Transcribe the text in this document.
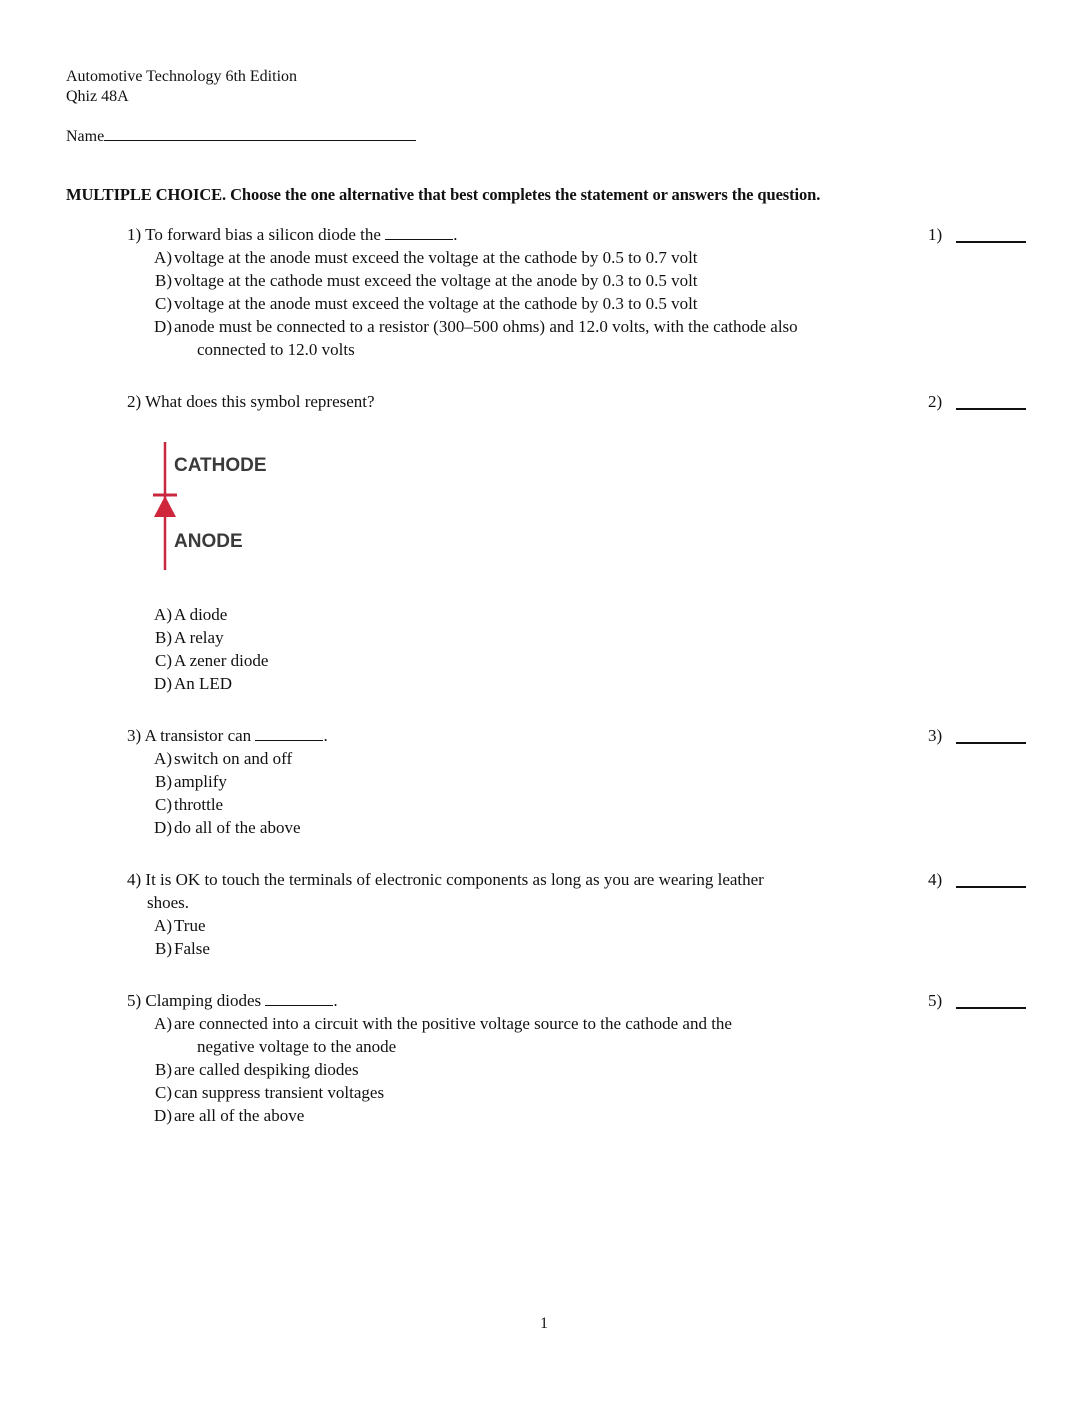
Automotive Technology 6th Edition
Qhiz 48A
Name
MULTIPLE CHOICE. Choose the one alternative that best completes the statement or answers the question.
1) To forward bias a silicon diode the	.	1)
A) voltage at the anode must exceed the voltage at the cathode by 0.5 to 0.7 volt
B) voltage at the cathode must exceed the voltage at the anode by 0.3 to 0.5 volt
C) voltage at the anode must exceed the voltage at the cathode by 0.3 to 0.5 volt
D) anode must be connected to a resistor (300–500 ohms) and 12.0 volts, with the cathode also
connected to 12.0 volts
2) What does this symbol represent?	2)
CATHODE
ANODE
A) A diode
B) A relay
C) A zener diode
D) An LED
3) A transistor can	.	3)
A) switch on and off
B) amplify
C) throttle
D) do all of the above
4) It is OK to touch the terminals of electronic components as long as you are wearing leather
shoes.
4)
A) True
B) False
5) Clamping diodes	.	5)
A) are connected into a circuit with the positive voltage source to the cathode and the
negative voltage to the anode
B) are called despiking diodes
C) can suppress transient voltages
D) are all of the above
1
